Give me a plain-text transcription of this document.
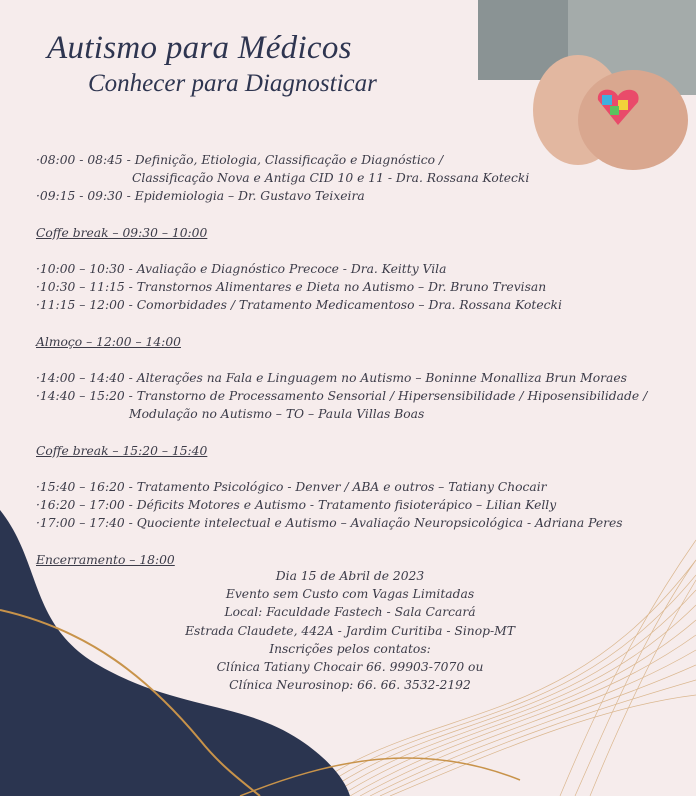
Autismo para Médicos
Conhecer para Diagnosticar
·08:00 - 08:45 - Definição, Etiologia, Classificação e Diagnóstico /
Classificação Nova e Antiga CID 10 e 11 - Dra. Rossana Kotecki
·09:15 - 09:30 - Epidemiologia – Dr. Gustavo Teixeira
Coffe break – 09:30 – 10:00
·10:00 – 10:30 - Avaliação e Diagnóstico Precoce - Dra. Keitty Vila
·10:30 – 11:15 - Transtornos Alimentares e Dieta no Autismo – Dr. Bruno Trevisan
·11:15 – 12:00 - Comorbidades / Tratamento Medicamentoso – Dra. Rossana Kotecki
Almoço – 12:00 – 14:00
·14:00 – 14:40 - Alterações na Fala e Linguagem no Autismo – Boninne Monalliza Brun Moraes
·14:40 – 15:20 - Transtorno de Processamento Sensorial / Hipersensibilidade / Hiposensibilidade /
Modulação no Autismo – TO – Paula Villas Boas
Coffe break – 15:20 – 15:40
·15:40 – 16:20 - Tratamento Psicológico - Denver / ABA e outros – Tatiany Chocair
·16:20 – 17:00 - Déficits Motores e Autismo - Tratamento fisioterápico – Lilian Kelly
·17:00 – 17:40 - Quociente intelectual e Autismo – Avaliação Neuropsicológica - Adriana Peres
Encerramento – 18:00
Dia 15 de Abril de 2023
Evento sem Custo com Vagas Limitadas
Local: Faculdade Fastech - Sala Carcará
Estrada Claudete, 442A - Jardim Curitiba - Sinop-MT
Inscrições pelos contatos:
Clínica Tatiany Chocair 66. 99903-7070 ou
Clínica Neurosinop: 66. 66. 3532-2192
